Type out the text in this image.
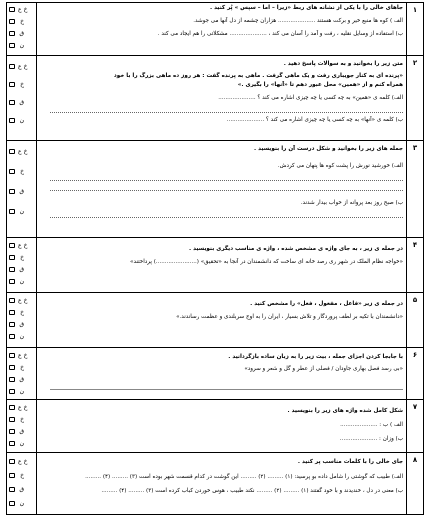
خ ع
خ
ق
ن
جاهای خالی را با یکی از نشانه های ربط «زیرا – اما – سپس » پُر کنید .
الف ) کوه ها منبع خیر و برکت هستند ..................... هزاران چشمه از دل آنها می جوشد.
ب) استفاده از وسایل نقلیه ، رفت و آمد را آسان می کند ، ..................... مشکلاتی را هم ایجاد می کند .
۱
خ ع
خ
ق
ن
متن زیر را بخوانید و به سوالات پاسخ دهید .
«پرنده ای به کنار جویباری رفت و یک ماهی گرفت . ماهی به پرنده گفت : هر روز ده ماهی بزرگ را با خود
همراه کنم و از «همین» محل عبور دهم تا «آنها» را بگیری .»
الف) کلمه ی «همین» به چه کسی یا چه چیزی اشاره می کند ؟ .....................
ب) کلمه ی «آنها» به چه کسی یا چه چیزی اشاره می کند ؟ .....................
۲
خ ع
خ
ق
ن
جمله های زیر را بخوانید و شکل درست آن را بنویسید .
الف) خورشید نورش را پشت کوه ها پنهان می کردش.
ب) صبح روز بعد پروانه از خواب بیدار شدند.
۳
خ ع
خ
ق
ن
در جمله ی زیر ، به جای واژه ی مشخص شده ، واژه ی مناسب دیگری بنویسید .
«خواجه نظام الملک در شهر ری رصد خانه ای ساخت که دانشمندان در آنجا به «تحقیق» (.......................) پرداختند»
۴
خ ع
خ
ق
ن
در جمله ی زیر «فاعل ، مفعول ، فعل» را مشخص کنید .
«دانشمندان با تکیه بر لطف پروردگار و تلاش بسیار ، ایران را به اوج سربلندی و عظمت رساندند.»
۵
خ ع
خ
ق
ن
با جابجا کردن اجزای جمله ، بیت زیر را به زبان ساده بازگردانید .
«بی رسد فصل بهاری جاودان / فصلی از عطر و گل و شعر و سرود»
۶
خ ع
خ
ق
ن
شکل کامل شده واژه های زیر را بنویسید .
الف ) ب : .....................
ب) وزان : .....................
۷
خ ع
خ
ق
ن
جای خالی را با کلمات مناسب پر کنید .
الف) طبیب که گوشتی را شامل داده بو پرسید: (۱) ......... (۲) ......... این گوشت در کدام قسمت شهر بوده است (۳) ......... (۴) .........
ب) معنی در دل ، خندیدند و با خود گفتند (۱) ......... (۲) ......... نکند طبیب ، هوس خوردن کباب کرده است (۳) ......... (۴) .........
۸
